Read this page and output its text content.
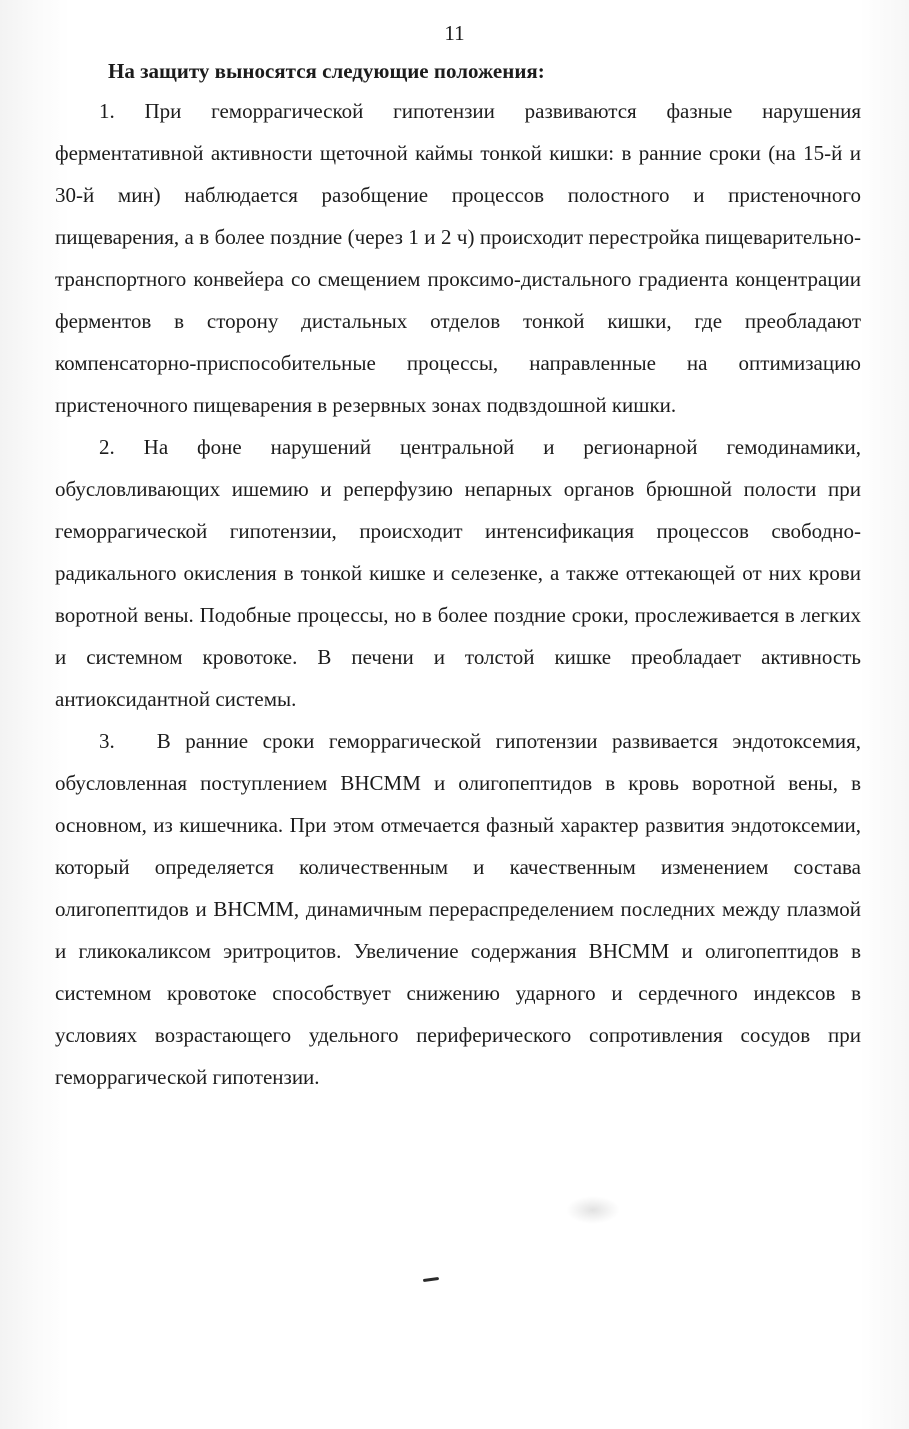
11

На защиту выносятся следующие положения:

1. При геморрагической гипотензии развиваются фазные нарушения ферментативной активности щеточной каймы тонкой кишки: в ранние сроки (на 15-й и 30-й мин) наблюдается разобщение процессов полостного и пристеночного пищеварения, а в более поздние (через 1 и 2 ч) происходит перестройка пищеварительно-транспортного конвейера со смещением проксимо-дистального градиента концентрации ферментов в сторону дистальных отделов тонкой кишки, где преобладают компенсаторно-приспособительные процессы, направленные на оптимизацию пристеночного пищеварения в резервных зонах подвздошной кишки.

2. На фоне нарушений центральной и регионарной гемодинамики, обусловливающих ишемию и реперфузию непарных органов брюшной полости при геморрагической гипотензии, происходит интенсификация процессов свободно-радикального окисления в тонкой кишке и селезенке, а также оттекающей от них крови воротной вены. Подобные процессы, но в более поздние сроки, прослеживается в легких и системном кровотоке. В печени и толстой кишке преобладает активность антиоксидантной системы.

3.  В ранние сроки геморрагической гипотензии развивается эндотоксемия, обусловленная поступлением ВНСММ и олигопептидов в кровь воротной вены, в основном, из кишечника. При этом отмечается фазный характер развития эндотоксемии, который определяется количественным и качественным изменением состава олигопептидов и ВНСММ, динамичным перераспределением последних между плазмой и гликокаликсом эритроцитов. Увеличение содержания ВНСММ и олигопептидов в системном кровотоке способствует снижению ударного и сердечного индексов в условиях возрастающего удельного периферического сопротивления сосудов при геморрагической гипотензии.
